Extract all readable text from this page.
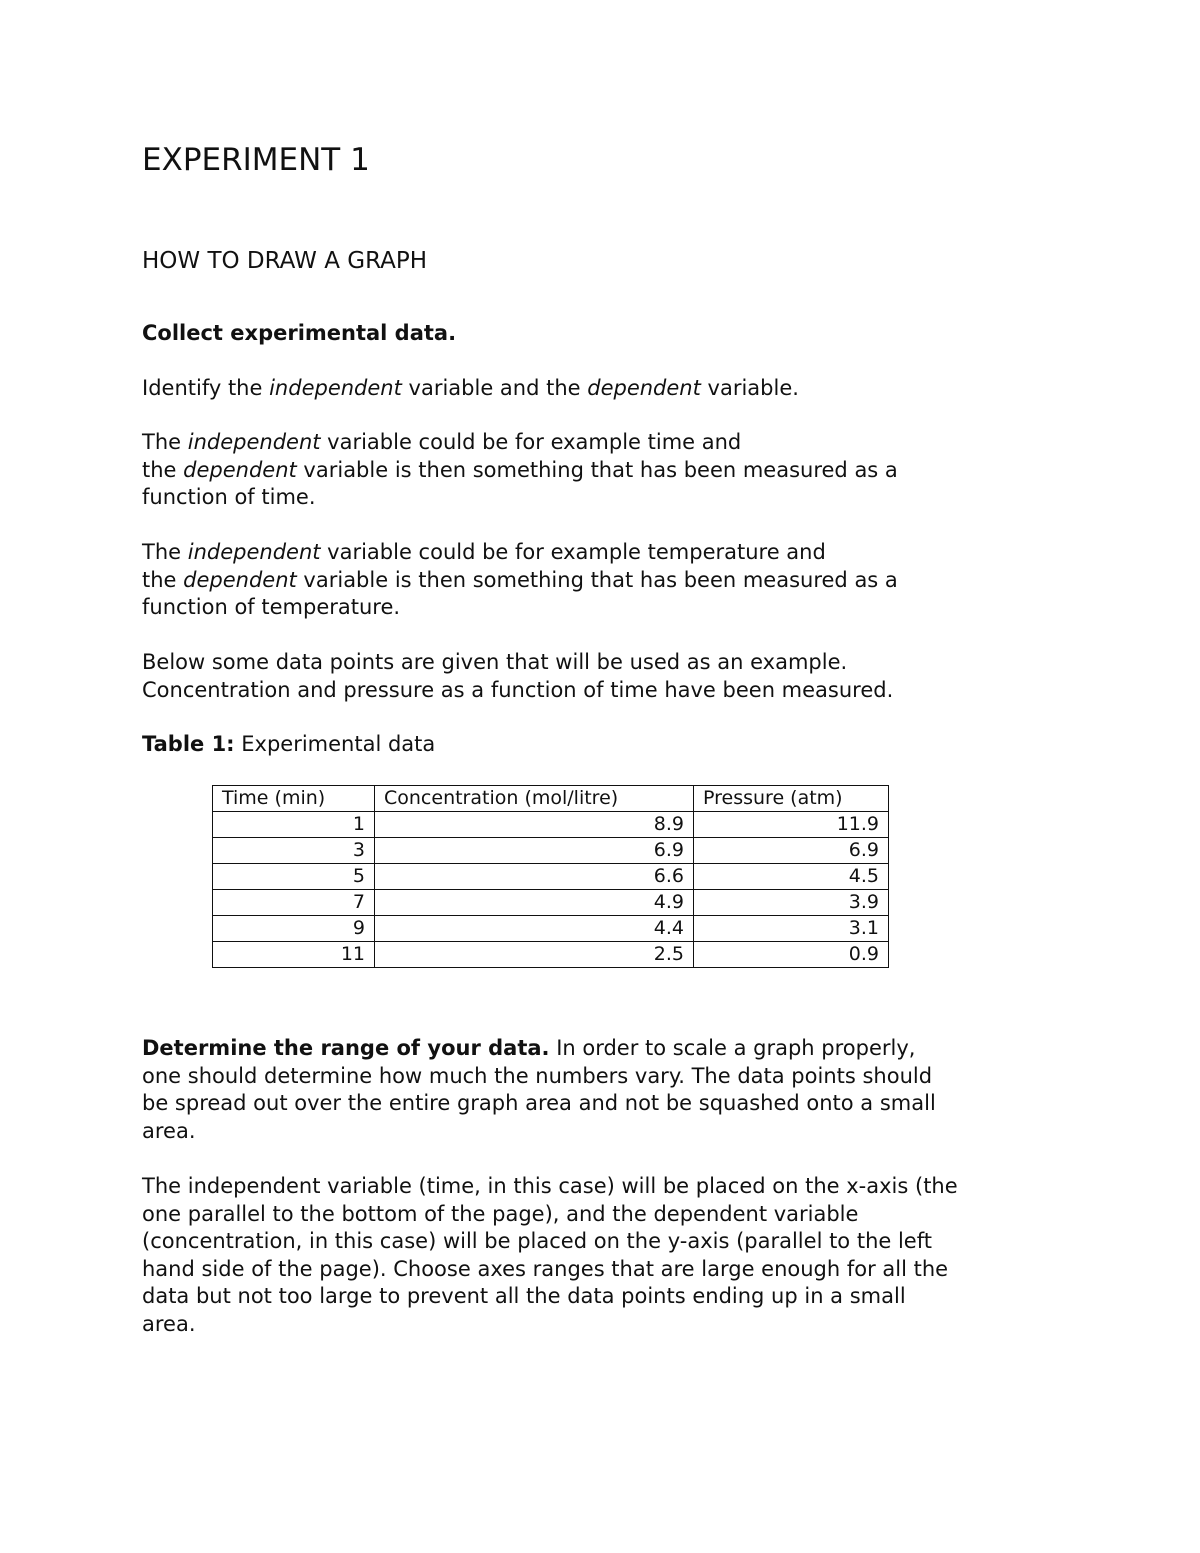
EXPERIMENT 1
HOW TO DRAW A GRAPH

Collect experimental data.

Identify the independent variable and the dependent variable.

The independent variable could be for example time and
the dependent variable is then something that has been measured as a
function of time.

The independent variable could be for example temperature and
the dependent variable is then something that has been measured as a
function of temperature.

Below some data points are given that will be used as an example.
Concentration and pressure as a function of time have been measured.

Table 1: Experimental data

Time (min)	Concentration (mol/litre)	Pressure (atm)
1	8.9	11.9
3	6.9	6.9
5	6.6	4.5
7	4.9	3.9
9	4.4	3.1
11	2.5	0.9

Determine the range of your data. In order to scale a graph properly,
one should determine how much the numbers vary. The data points should
be spread out over the entire graph area and not be squashed onto a small
area.

The independent variable (time, in this case) will be placed on the x-axis (the
one parallel to the bottom of the page), and the dependent variable
(concentration, in this case) will be placed on the y-axis (parallel to the left
hand side of the page). Choose axes ranges that are large enough for all the
data but not too large to prevent all the data points ending up in a small
area.
